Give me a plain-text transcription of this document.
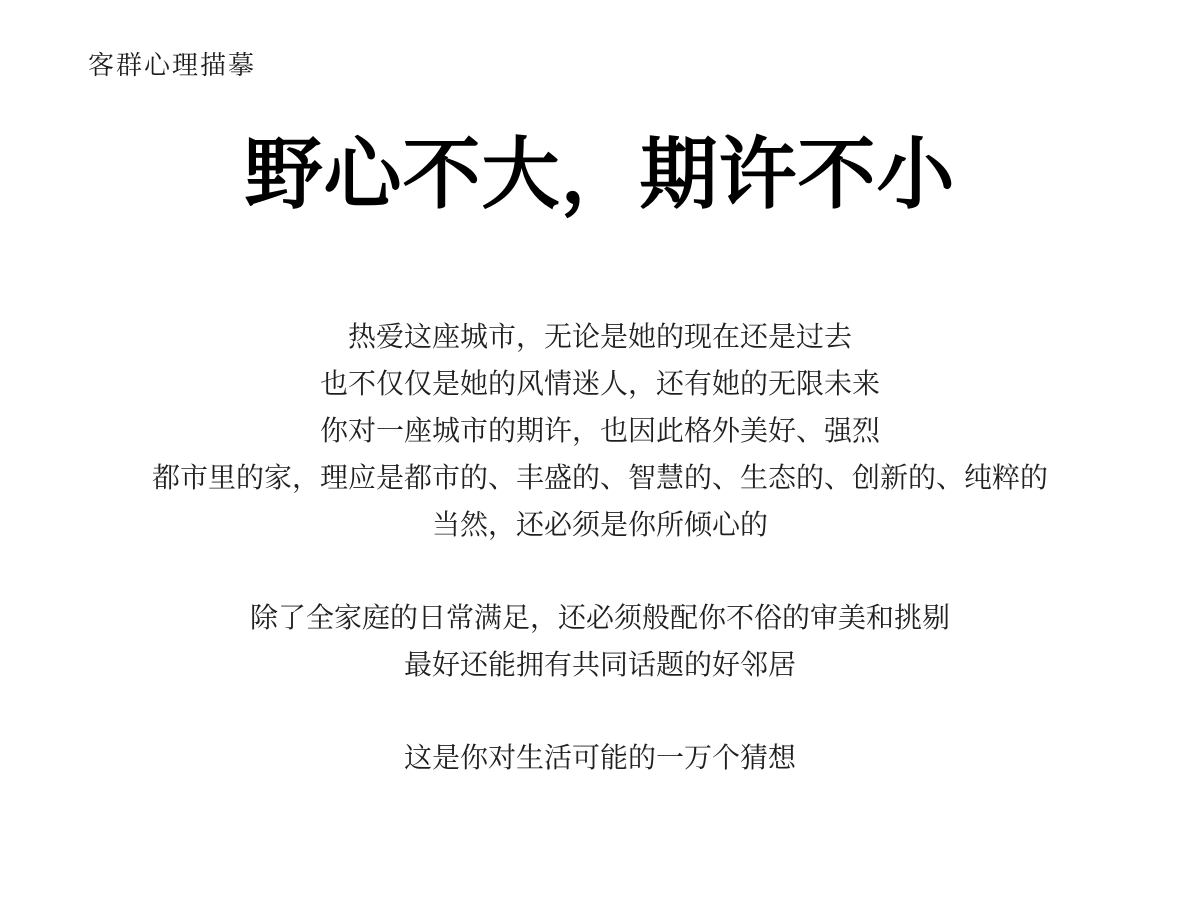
客群心理描摹
野心不大，期许不小

热爱这座城市，无论是她的现在还是过去
也不仅仅是她的风情迷人，还有她的无限未来
你对一座城市的期许，也因此格外美好、强烈
都市里的家，理应是都市的、丰盛的、智慧的、生态的、创新的、纯粹的
当然，还必须是你所倾心的

除了全家庭的日常满足，还必须般配你不俗的审美和挑剔
最好还能拥有共同话题的好邻居

这是你对生活可能的一万个猜想
